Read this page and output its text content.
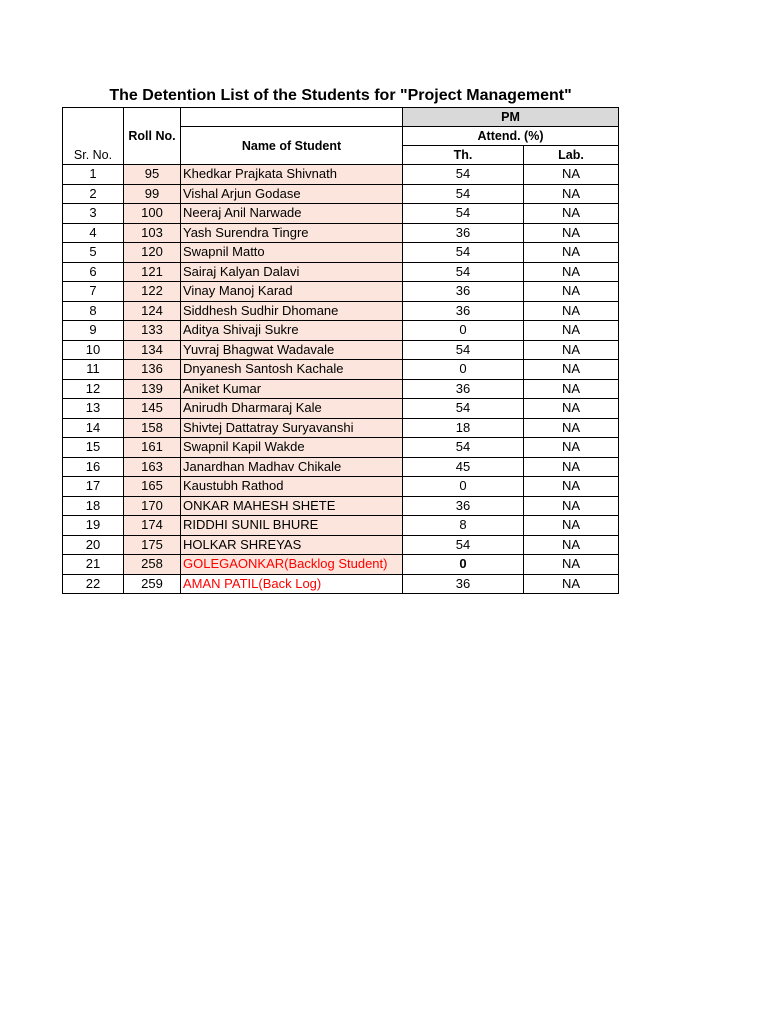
The Detention List of the Students for "Project Management"
Sr. No.	Roll No.		PM	
		Name of Student	Attend. (%)	
			Th.	Lab.
1	95	Khedkar Prajkata Shivnath	54	NA
2	99	Vishal Arjun Godase	54	NA
3	100	Neeraj Anil Narwade	54	NA
4	103	Yash Surendra Tingre	36	NA
5	120	Swapnil Matto	54	NA
6	121	Sairaj Kalyan Dalavi	54	NA
7	122	Vinay Manoj Karad	36	NA
8	124	Siddhesh Sudhir Dhomane	36	NA
9	133	Aditya Shivaji Sukre	0	NA
10	134	Yuvraj Bhagwat Wadavale	54	NA
11	136	Dnyanesh Santosh Kachale	0	NA
12	139	Aniket Kumar	36	NA
13	145	Anirudh Dharmaraj Kale	54	NA
14	158	Shivtej Dattatray Suryavanshi	18	NA
15	161	Swapnil Kapil Wakde	54	NA
16	163	Janardhan Madhav Chikale	45	NA
17	165	Kaustubh Rathod	0	NA
18	170	ONKAR MAHESH SHETE	36	NA
19	174	RIDDHI SUNIL BHURE	8	NA
20	175	HOLKAR SHREYAS	54	NA
21	258	GOLEGAONKAR(Backlog Student)	0	NA
22	259	AMAN PATIL(Back Log)	36	NA
